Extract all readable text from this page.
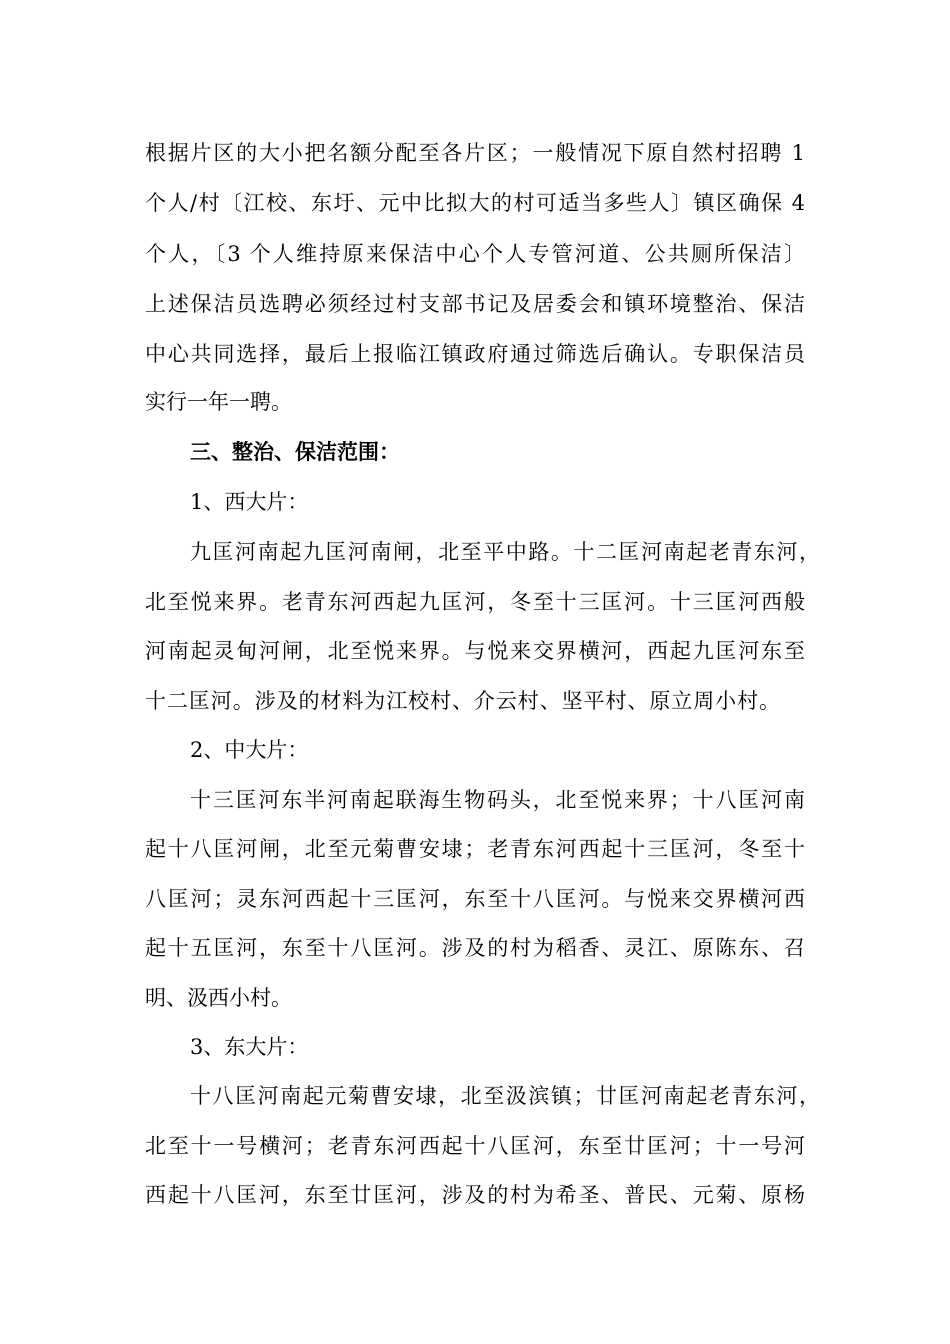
根据片区的大小把名额分配至各片区；一般情况下原自然村招聘 1
个人/村〔江校、东圩、元中比拟大的村可适当多些人〕镇区确保 4
个人，〔3 个人维持原来保洁中心个人专管河道、公共厕所保洁〕
上述保洁员选聘必须经过村支部书记及居委会和镇环境整治、保洁
中心共同选择，最后上报临江镇政府通过筛选后确认。专职保洁员
实行一年一聘。
三、整治、保洁范围：
1、西大片：
九匡河南起九匡河南闸，北至平中路。十二匡河南起老青东河，
北至悦来界。老青东河西起九匡河，冬至十三匡河。十三匡河西般
河南起灵甸河闸，北至悦来界。与悦来交界横河，西起九匡河东至
十二匡河。涉及的材料为江校村、介云村、坚平村、原立周小村。
2、中大片：
十三匡河东半河南起联海生物码头，北至悦来界；十八匡河南
起十八匡河闸，北至元菊曹安埭；老青东河西起十三匡河，冬至十
八匡河；灵东河西起十三匡河，东至十八匡河。与悦来交界横河西
起十五匡河，东至十八匡河。涉及的村为稻香、灵江、原陈东、召
明、汲西小村。
3、东大片：
十八匡河南起元菊曹安埭，北至汲滨镇；廿匡河南起老青东河，
北至十一号横河；老青东河西起十八匡河，东至廿匡河；十一号河
西起十八匡河，东至廿匡河，涉及的村为希圣、普民、元菊、原杨
